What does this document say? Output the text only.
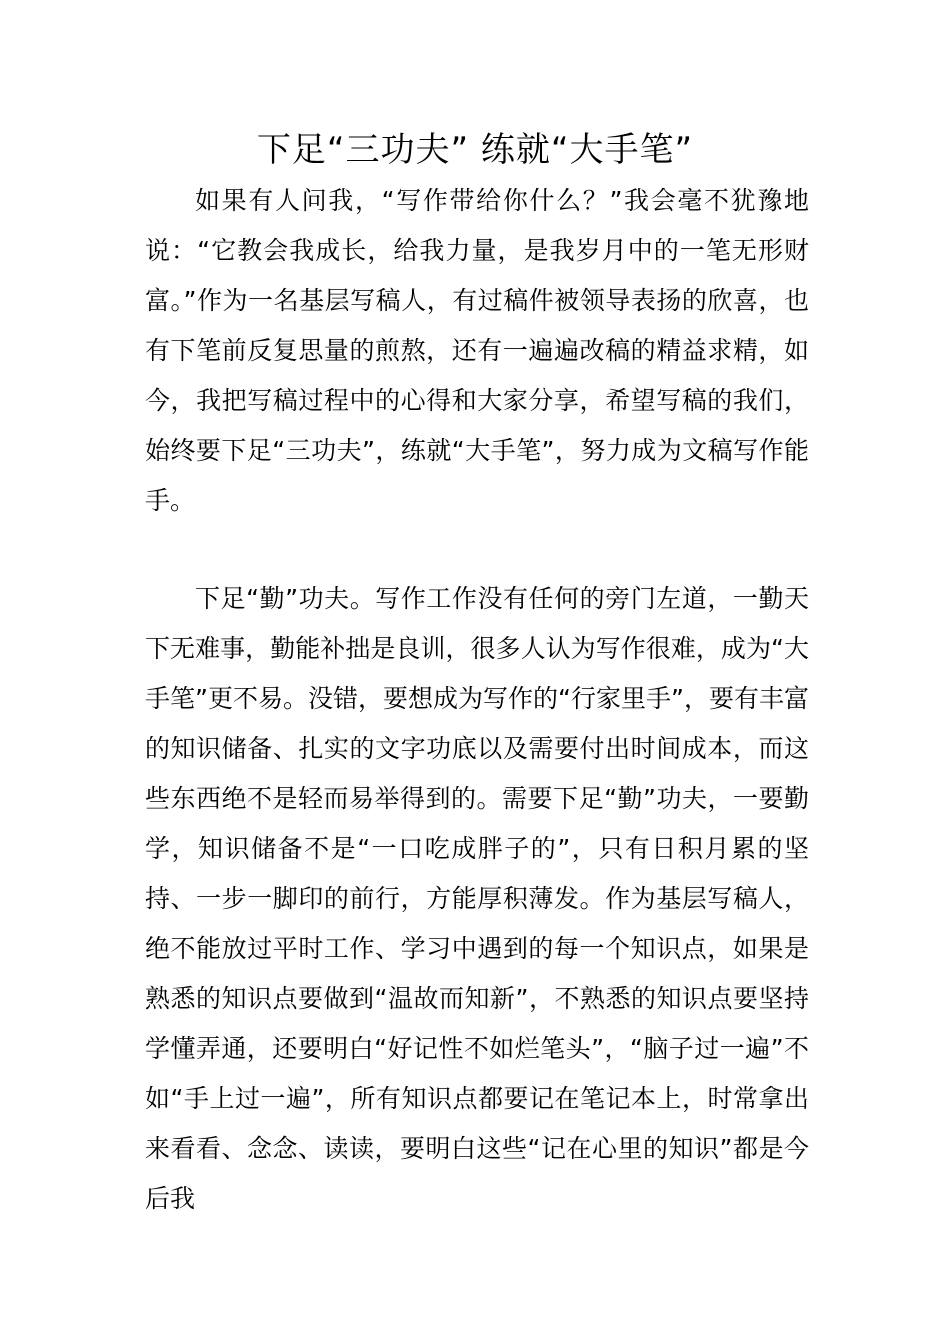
下足“三功夫” 练就“大手笔”

如果有人问我，“写作带给你什么？”我会毫不犹豫地说：“它教会我成长，给我力量，是我岁月中的一笔无形财富。”作为一名基层写稿人，有过稿件被领导表扬的欣喜，也有下笔前反复思量的煎熬，还有一遍遍改稿的精益求精，如今，我把写稿过程中的心得和大家分享，希望写稿的我们，始终要下足“三功夫”，练就“大手笔”，努力成为文稿写作能手。

下足“勤”功夫。写作工作没有任何的旁门左道，一勤天下无难事，勤能补拙是良训，很多人认为写作很难，成为“大手笔”更不易。没错，要想成为写作的“行家里手”，要有丰富的知识储备、扎实的文字功底以及需要付出时间成本，而这些东西绝不是轻而易举得到的。需要下足“勤”功夫，一要勤学，知识储备不是“一口吃成胖子的”，只有日积月累的坚持、一步一脚印的前行，方能厚积薄发。作为基层写稿人，绝不能放过平时工作、学习中遇到的每一个知识点，如果是熟悉的知识点要做到“温故而知新”，不熟悉的知识点要坚持学懂弄通，还要明白“好记性不如烂笔头”，“脑子过一遍”不如“手上过一遍”，所有知识点都要记在笔记本上，时常拿出来看看、念念、读读，要明白这些“记在心里的知识”都是今后我
